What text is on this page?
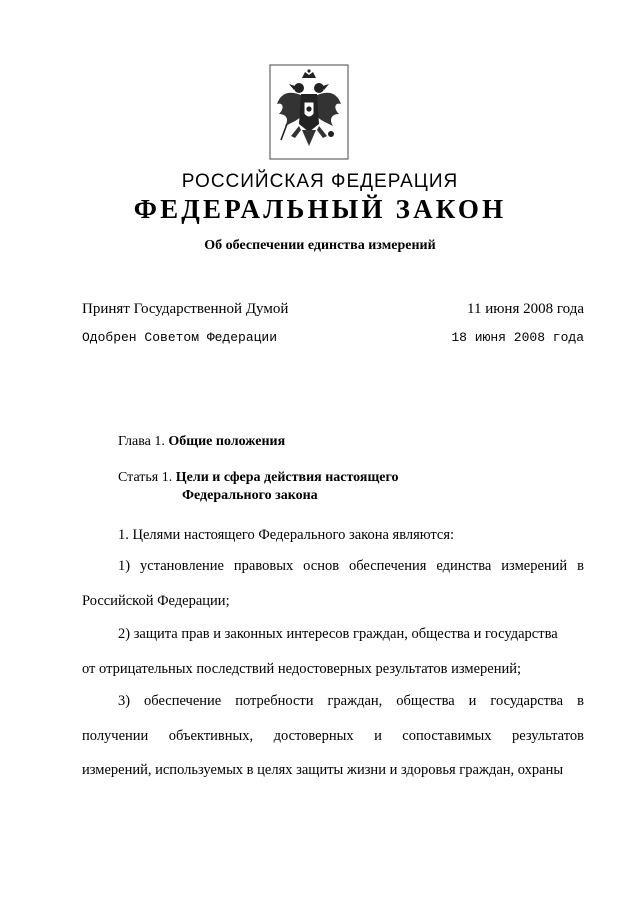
РОССИЙСКАЯ ФЕДЕРАЦИЯ
ФЕДЕРАЛЬНЫЙ ЗАКОН
Об обеспечении единства измерений
Принят Государственной Думой	11 июня 2008 года
Одобрен Советом Федерации	18 июня 2008 года
Глава 1. Общие положения
Статья 1. Цели и сфера действия настоящего
Федерального закона
1. Целями настоящего Федерального закона являются:
1) установление правовых основ обеспечения единства измерений в
Российской Федерации;
2) защита прав и законных интересов граждан, общества и государства
от отрицательных последствий недостоверных результатов измерений;
3) обеспечение потребности граждан, общества и государства в
получении объективных, достоверных и сопоставимых результатов
измерений, используемых в целях защиты жизни и здоровья граждан, охраны
